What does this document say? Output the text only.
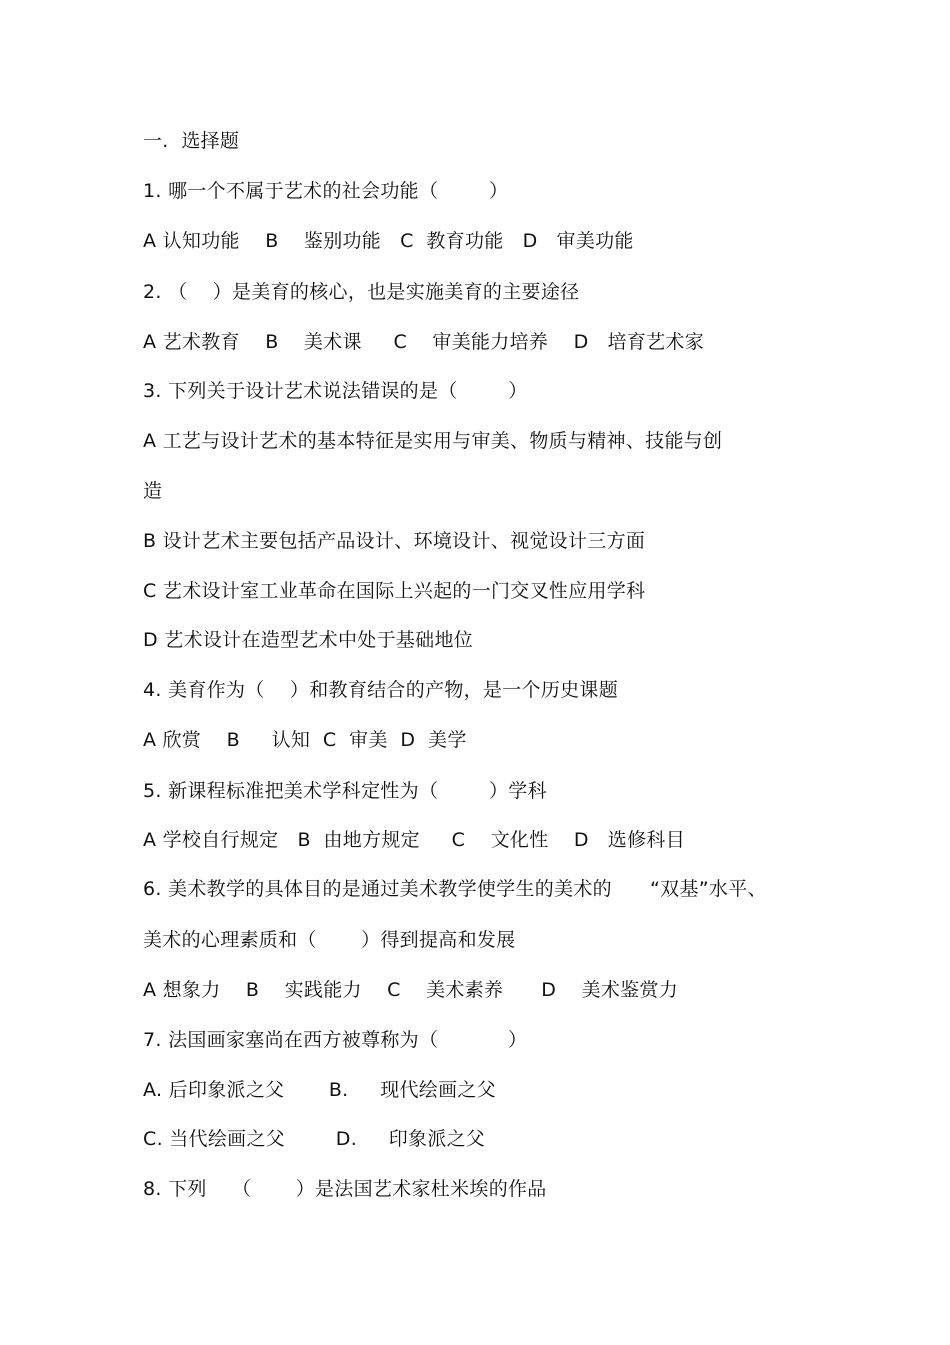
一.  选择题
1. 哪一个不属于艺术的社会功能（        ）
A 认知功能    B    鉴别功能   C  教育功能   D   审美功能
2. （    ）是美育的核心，也是实施美育的主要途径
A 艺术教育    B    美术课     C    审美能力培养    D   培育艺术家
3. 下列关于设计艺术说法错误的是（        ）
A 工艺与设计艺术的基本特征是实用与审美、物质与精神、技能与创
造
B 设计艺术主要包括产品设计、环境设计、视觉设计三方面
C 艺术设计室工业革命在国际上兴起的一门交叉性应用学科
D 艺术设计在造型艺术中处于基础地位
4. 美育作为（    ）和教育结合的产物，是一个历史课题
A 欣赏    B     认知  C  审美  D  美学
5. 新课程标准把美术学科定性为（        ）学科
A 学校自行规定   B  由地方规定     C    文化性    D   选修科目
6. 美术教学的具体目的是通过美术教学使学生的美术的      “双基”水平、
美术的心理素质和（       ）得到提高和发展
A 想象力    B    实践能力    C    美术素养      D    美术鉴赏力
7. 法国画家塞尚在西方被尊称为（           ）
A. 后印象派之父       B.     现代绘画之父
C. 当代绘画之父        D.     印象派之父
8. 下列    （       ）是法国艺术家杜米埃的作品
